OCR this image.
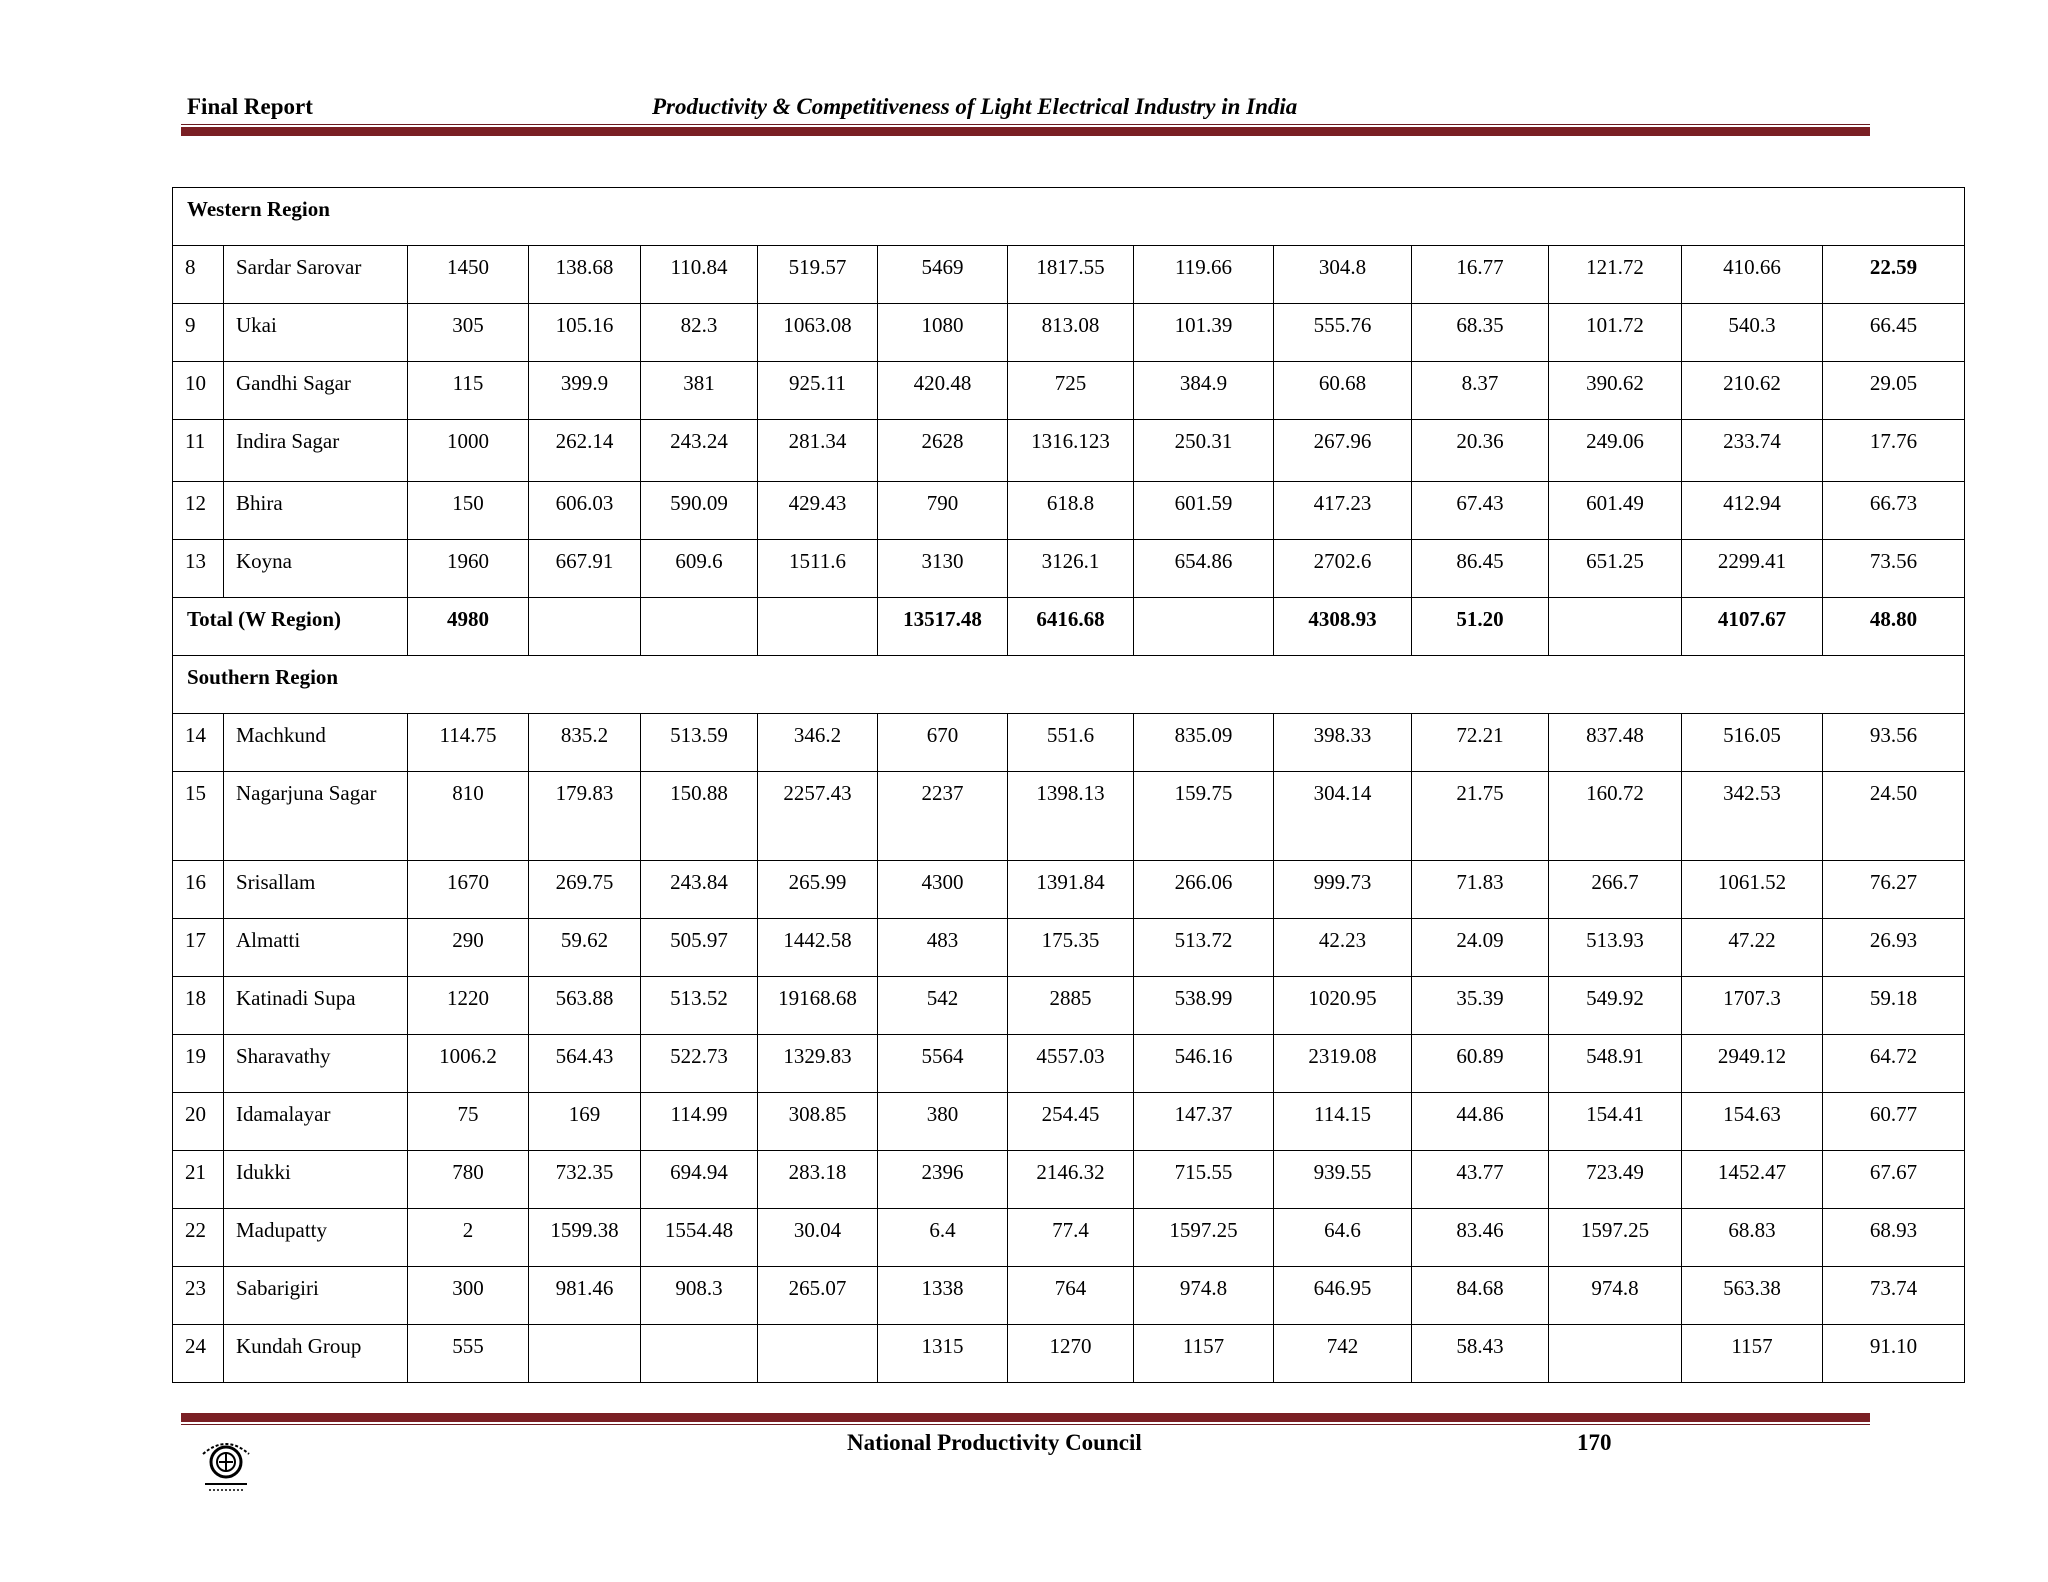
Final Report	Productivity & Competitiveness of Light Electrical Industry in India
Western Region													
8	Sardar Sarovar	1450	138.68	110.84	519.57	5469	1817.55	119.66	304.8	16.77	121.72	410.66	22.59
9	Ukai	305	105.16	82.3	1063.08	1080	813.08	101.39	555.76	68.35	101.72	540.3	66.45
10	Gandhi Sagar	115	399.9	381	925.11	420.48	725	384.9	60.68	8.37	390.62	210.62	29.05
11	Indira Sagar	1000	262.14	243.24	281.34	2628	1316.123	250.31	267.96	20.36	249.06	233.74	17.76
12	Bhira	150	606.03	590.09	429.43	790	618.8	601.59	417.23	67.43	601.49	412.94	66.73
13	Koyna	1960	667.91	609.6	1511.6	3130	3126.1	654.86	2702.6	86.45	651.25	2299.41	73.56
Total (W Region)		4980				13517.48	6416.68		4308.93	51.20		4107.67	48.80
Southern Region													
14	Machkund	114.75	835.2	513.59	346.2	670	551.6	835.09	398.33	72.21	837.48	516.05	93.56
15	Nagarjuna Sagar	810	179.83	150.88	2257.43	2237	1398.13	159.75	304.14	21.75	160.72	342.53	24.50
16	Srisallam	1670	269.75	243.84	265.99	4300	1391.84	266.06	999.73	71.83	266.7	1061.52	76.27
17	Almatti	290	59.62	505.97	1442.58	483	175.35	513.72	42.23	24.09	513.93	47.22	26.93
18	Katinadi Supa	1220	563.88	513.52	19168.68	542	2885	538.99	1020.95	35.39	549.92	1707.3	59.18
19	Sharavathy	1006.2	564.43	522.73	1329.83	5564	4557.03	546.16	2319.08	60.89	548.91	2949.12	64.72
20	Idamalayar	75	169	114.99	308.85	380	254.45	147.37	114.15	44.86	154.41	154.63	60.77
21	Idukki	780	732.35	694.94	283.18	2396	2146.32	715.55	939.55	43.77	723.49	1452.47	67.67
22	Madupatty	2	1599.38	1554.48	30.04	6.4	77.4	1597.25	64.6	83.46	1597.25	68.83	68.93
23	Sabarigiri	300	981.46	908.3	265.07	1338	764	974.8	646.95	84.68	974.8	563.38	73.74
24	Kundah Group	555				1315	1270	1157	742	58.43		1157	91.10
National Productivity Council	170
